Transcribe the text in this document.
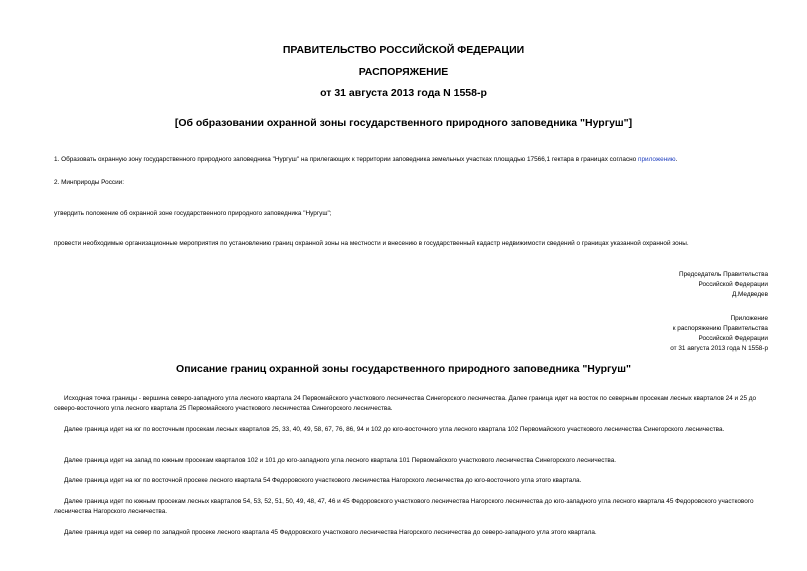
ПРАВИТЕЛЬСТВО РОССИЙСКОЙ ФЕДЕРАЦИИ
РАСПОРЯЖЕНИЕ
от 31 августа 2013 года N 1558-р
[Об образовании охранной зоны государственного природного заповедника "Нургуш"]
1. Образовать охранную зону государственного природного заповедника "Нургуш" на прилегающих к территории заповедника земельных участках площадью 17566,1 гектара в границах согласно приложению.
2. Минприроды России:
утвердить положение об охранной зоне государственного природного заповедника "Нургуш";
провести необходимые организационные мероприятия по установлению границ охранной зоны на местности и внесению в государственный кадастр недвижимости сведений о границах указанной охранной зоны.
Председатель Правительства
Российской Федерации
Д.Медведев
Приложение
к распоряжению Правительства
Российской Федерации
от 31 августа 2013 года N 1558-р
Описание границ охранной зоны государственного природного заповедника "Нургуш"
Исходная точка границы - вершина северо-западного угла лесного квартала 24 Первомайского участкового лесничества Синегорского лесничества. Далее граница идет на восток по северным просекам лесных кварталов 24 и 25 до северо-восточного угла лесного квартала 25 Первомайского участкового лесничества Синегорского лесничества.
Далее граница идет на юг по восточным просекам лесных кварталов 25, 33, 40, 49, 58, 67, 76, 86, 94 и 102 до юго-восточного угла лесного квартала 102 Первомайского участкового лесничества Синегорского лесничества.
Далее граница идет на запад по южным просекам кварталов 102 и 101 до юго-западного угла лесного квартала 101 Первомайского участкового лесничества Синегорского лесничества.
Далее граница идет на юг по восточной просеке лесного квартала 54 Федоровского участкового лесничества Нагорского лесничества до юго-восточного угла этого квартала.
Далее граница идет по южным просекам лесных кварталов 54, 53, 52, 51, 50, 49, 48, 47, 46 и 45 Федоровского участкового лесничества Нагорского лесничества до юго-западного угла лесного квартала 45 Федоровского участкового лесничества Нагорского лесничества.
Далее граница идет на север по западной просеке лесного квартала 45 Федоровского участкового лесничества Нагорского лесничества до северо-западного угла этого квартала.
